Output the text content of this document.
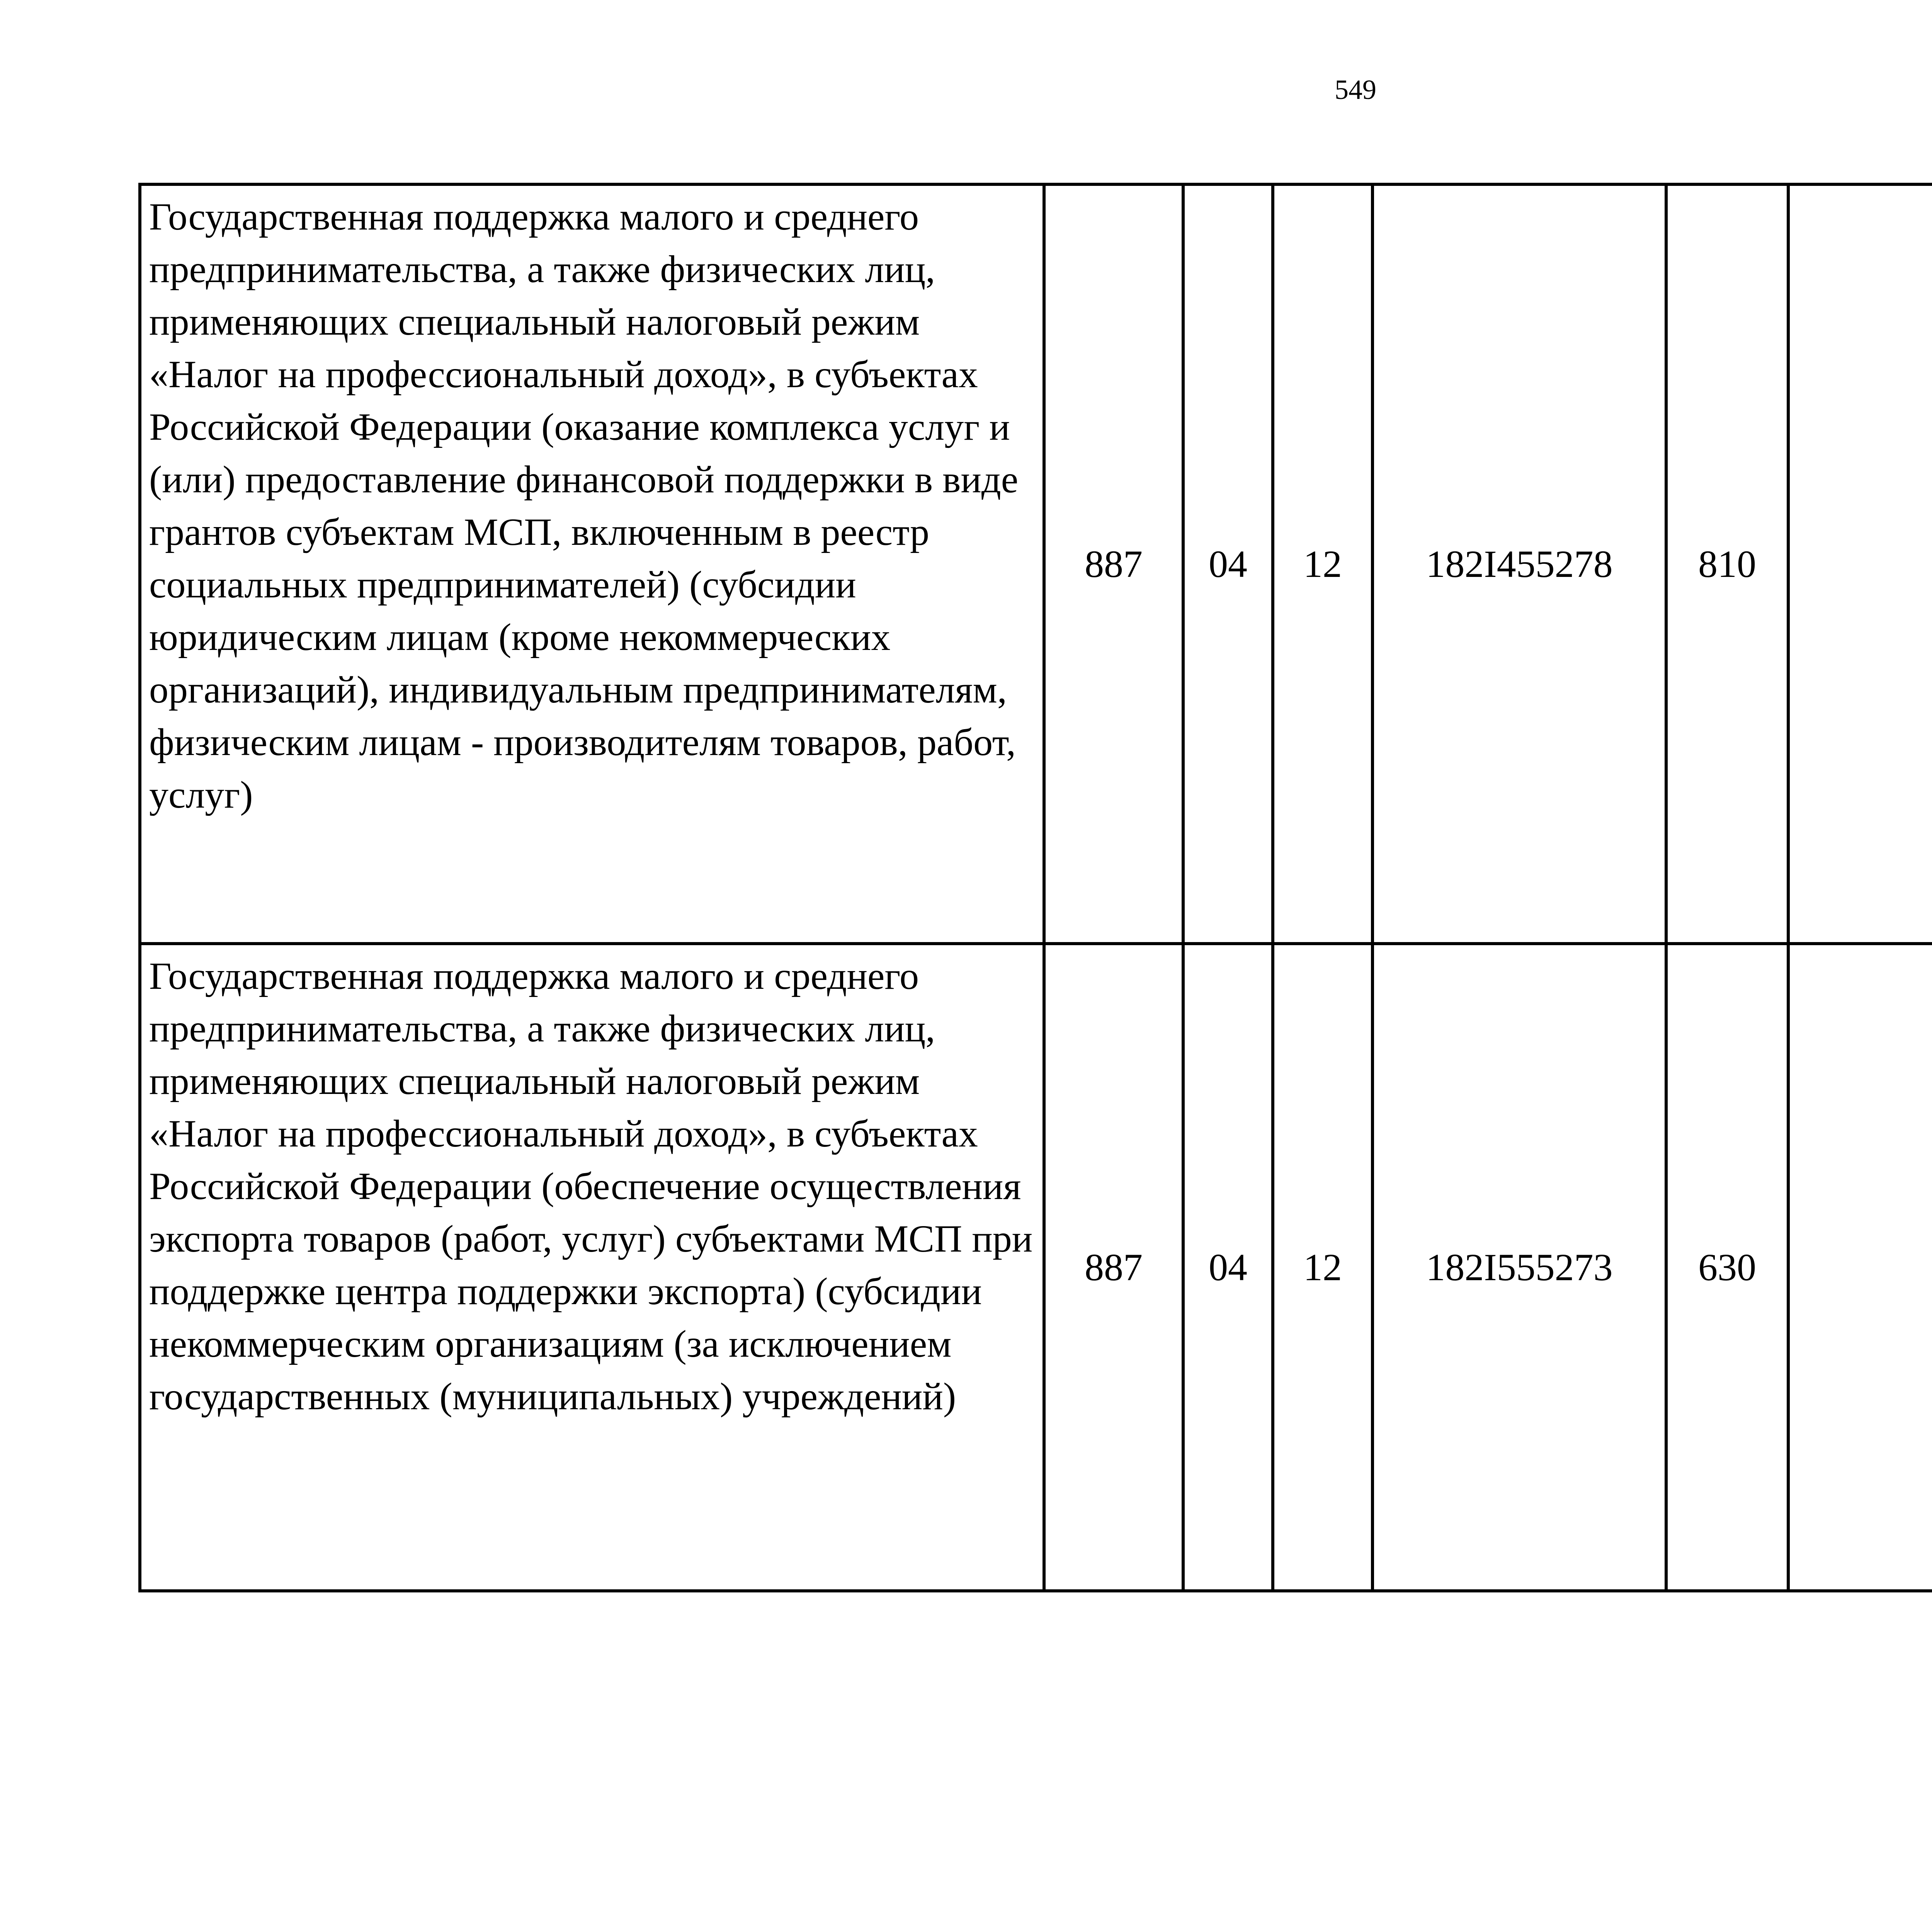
549
Государственная поддержка малого и среднего предпринимательства, а также физических лиц, применяющих специальный налоговый режим «Налог на профессиональный доход», в субъектах Российской Федерации (оказание комплекса услуг и (или) предоставление финансовой поддержки в виде грантов субъектам МСП, включенным в реестр социальных предпринимателей) (субсидии юридическим лицам (кроме некоммерческих организаций), индивидуальным предпринимателям, физическим лицам - производителям товаров, работ, услуг)	887	04	12	182I455278	810			
Государственная поддержка малого и среднего предпринимательства, а также физических лиц, применяющих специальный налоговый режим «Налог на профессиональный доход», в субъектах Российской Федерации (обеспечение осуществления экспорта товаров (работ, услуг) субъектами МСП при поддержке центра поддержки экспорта) (субсидии некоммерческим организациям (за исключением государственных (муниципальных) учреждений)	887	04	12	182I555273	630			
